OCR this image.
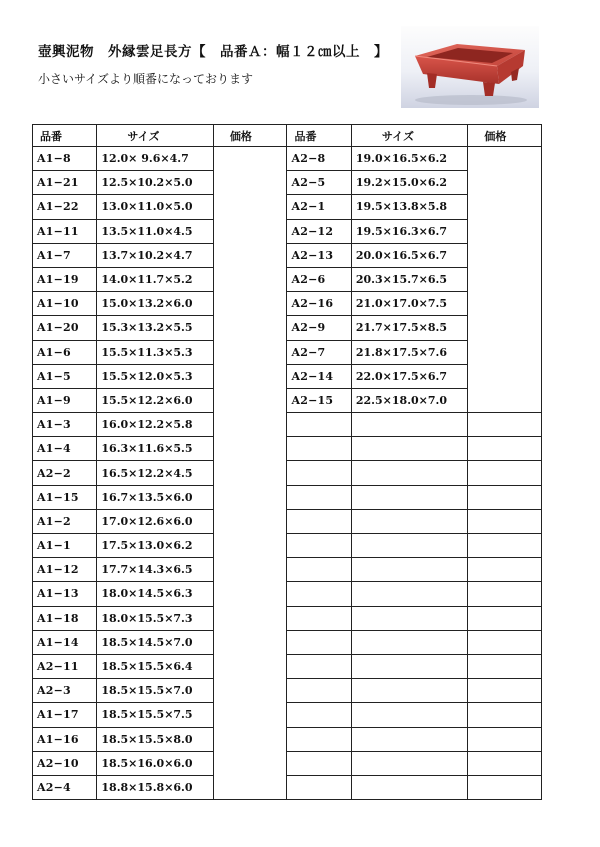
壺興泥物　外縁雲足長方【　品番Ａ：幅１２㎝以上　】
小さいサイズより順番になっております
品番	サイズ	価格	品番	サイズ	価格
A1−8	12.0× 9.6×4.7		A2−8	19.0×16.5×6.2	
A1−21	12.5×10.2×5.0		A2−5	19.2×15.0×6.2	
A1−22	13.0×11.0×5.0		A2−1	19.5×13.8×5.8	
A1−11	13.5×11.0×4.5		A2−12	19.5×16.3×6.7	
A1−7	13.7×10.2×4.7		A2−13	20.0×16.5×6.7	
A1−19	14.0×11.7×5.2		A2−6	20.3×15.7×6.5	
A1−10	15.0×13.2×6.0		A2−16	21.0×17.0×7.5	
A1−20	15.3×13.2×5.5		A2−9	21.7×17.5×8.5	
A1−6	15.5×11.3×5.3		A2−7	21.8×17.5×7.6	
A1−5	15.5×12.0×5.3		A2−14	22.0×17.5×6.7	
A1−9	15.5×12.2×6.0		A2−15	22.5×18.0×7.0	
A1−3	16.0×12.2×5.8				
A1−4	16.3×11.6×5.5				
A2−2	16.5×12.2×4.5				
A1−15	16.7×13.5×6.0				
A1−2	17.0×12.6×6.0				
A1−1	17.5×13.0×6.2				
A1−12	17.7×14.3×6.5				
A1−13	18.0×14.5×6.3				
A1−18	18.0×15.5×7.3				
A1−14	18.5×14.5×7.0				
A2−11	18.5×15.5×6.4				
A2−3	18.5×15.5×7.0				
A1−17	18.5×15.5×7.5				
A1−16	18.5×15.5×8.0				
A2−10	18.5×16.0×6.0				
A2−4	18.8×15.8×6.0				
